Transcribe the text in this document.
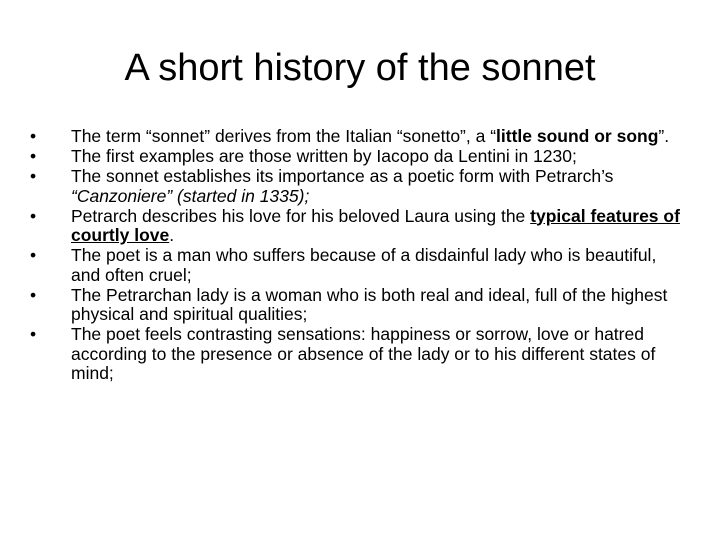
A short history of the sonnet
•	The term “sonnet” derives from the Italian “sonetto”, a “little sound or song”.
•	The first examples are those written by Iacopo da Lentini in 1230;
•	The sonnet establishes its importance as a poetic form with Petrarch’s “Canzoniere” (started in 1335);
•	Petrarch describes his love for his beloved Laura using the typical features of courtly love.
•	The poet is a man who suffers because of a disdainful lady who is beautiful, and often cruel;
•	The Petrarchan lady is a woman who is both real and ideal, full of the highest physical and spiritual qualities;
•	The poet feels contrasting sensations: happiness or sorrow, love or hatred according to the presence or absence of the lady or to his different states of mind;
